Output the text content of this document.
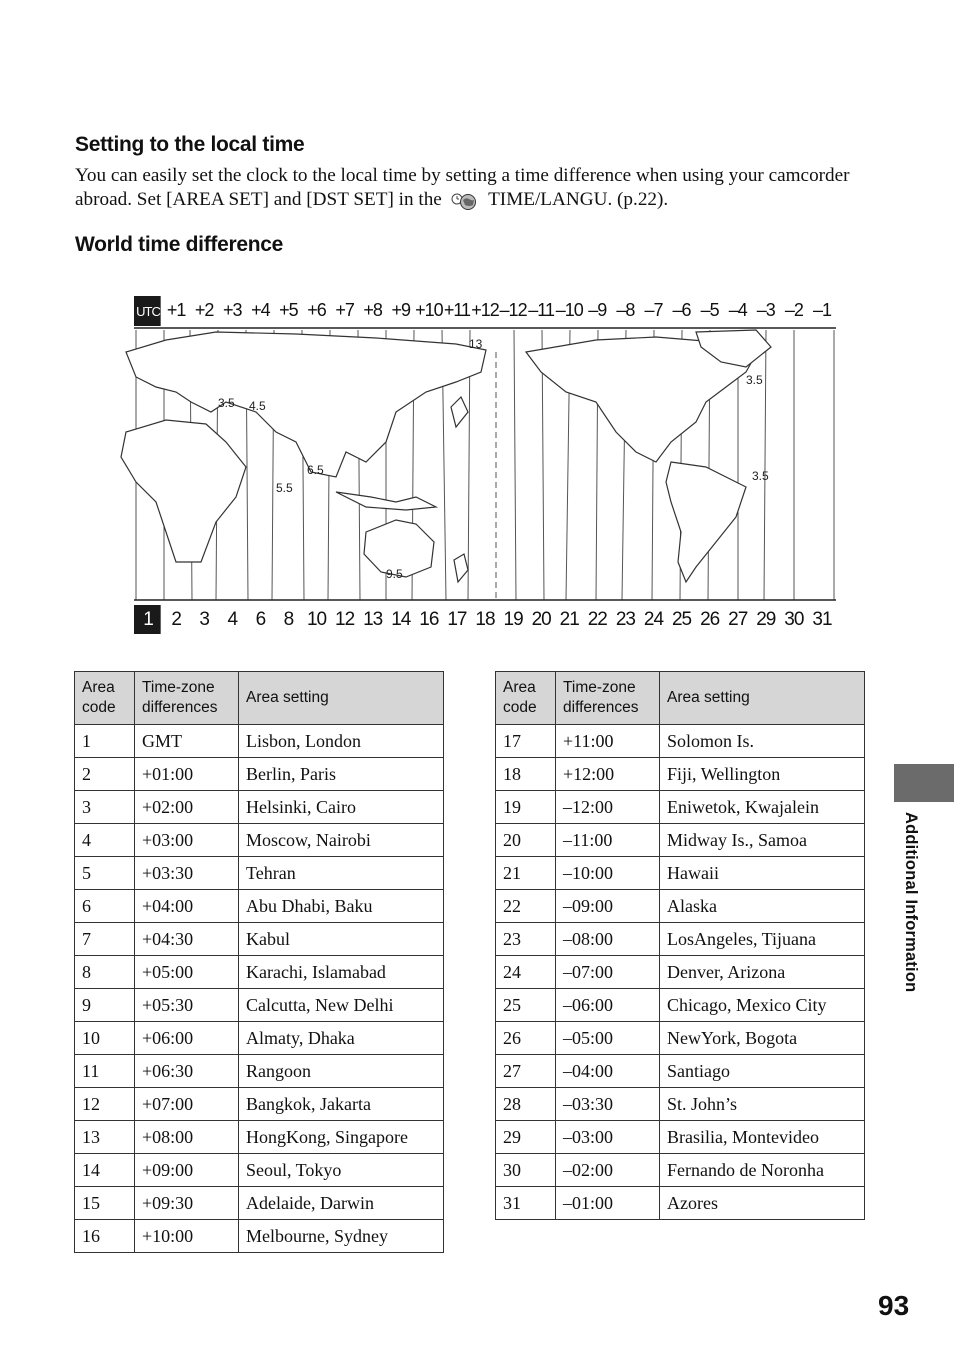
Setting to the local time
You can easily set the clock to the local time by setting a time difference when using your camcorder abroad. Set [AREA SET] and [DST SET] in the TIME/LANGU. (p.22).
World time difference
3.5 4.5
5.5
6.5
9.5
13
3.5
3.5
UTC +1 +2 +3 +4 +5 +6 +7 +8 +9 +10 +11 +12 –12 –11 –10 –9 –8 –7 –6 –5 –4 –3 –2 –1
1 2 3 4 6 8 10 12 13 14 16 17 18 19 20 21 22 23 24 25 26 27 29 30 31
Area code	Time-zone differences	Area setting
1	GMT	Lisbon, London
2	+01:00	Berlin, Paris
3	+02:00	Helsinki, Cairo
4	+03:00	Moscow, Nairobi
5	+03:30	Tehran
6	+04:00	Abu Dhabi, Baku
7	+04:30	Kabul
8	+05:00	Karachi, Islamabad
9	+05:30	Calcutta, New Delhi
10	+06:00	Almaty, Dhaka
11	+06:30	Rangoon
12	+07:00	Bangkok, Jakarta
13	+08:00	HongKong, Singapore
14	+09:00	Seoul, Tokyo
15	+09:30	Adelaide, Darwin
16	+10:00	Melbourne, Sydney
Area code	Time-zone differences	Area setting
17	+11:00	Solomon Is.
18	+12:00	Fiji, Wellington
19	–12:00	Eniwetok, Kwajalein
20	–11:00	Midway Is., Samoa
21	–10:00	Hawaii
22	–09:00	Alaska
23	–08:00	LosAngeles, Tijuana
24	–07:00	Denver, Arizona
25	–06:00	Chicago, Mexico City
26	–05:00	NewYork, Bogota
27	–04:00	Santiago
28	–03:30	St. John’s
29	–03:00	Brasilia, Montevideo
30	–02:00	Fernando de Noronha
31	–01:00	Azores
Additional Information
93
